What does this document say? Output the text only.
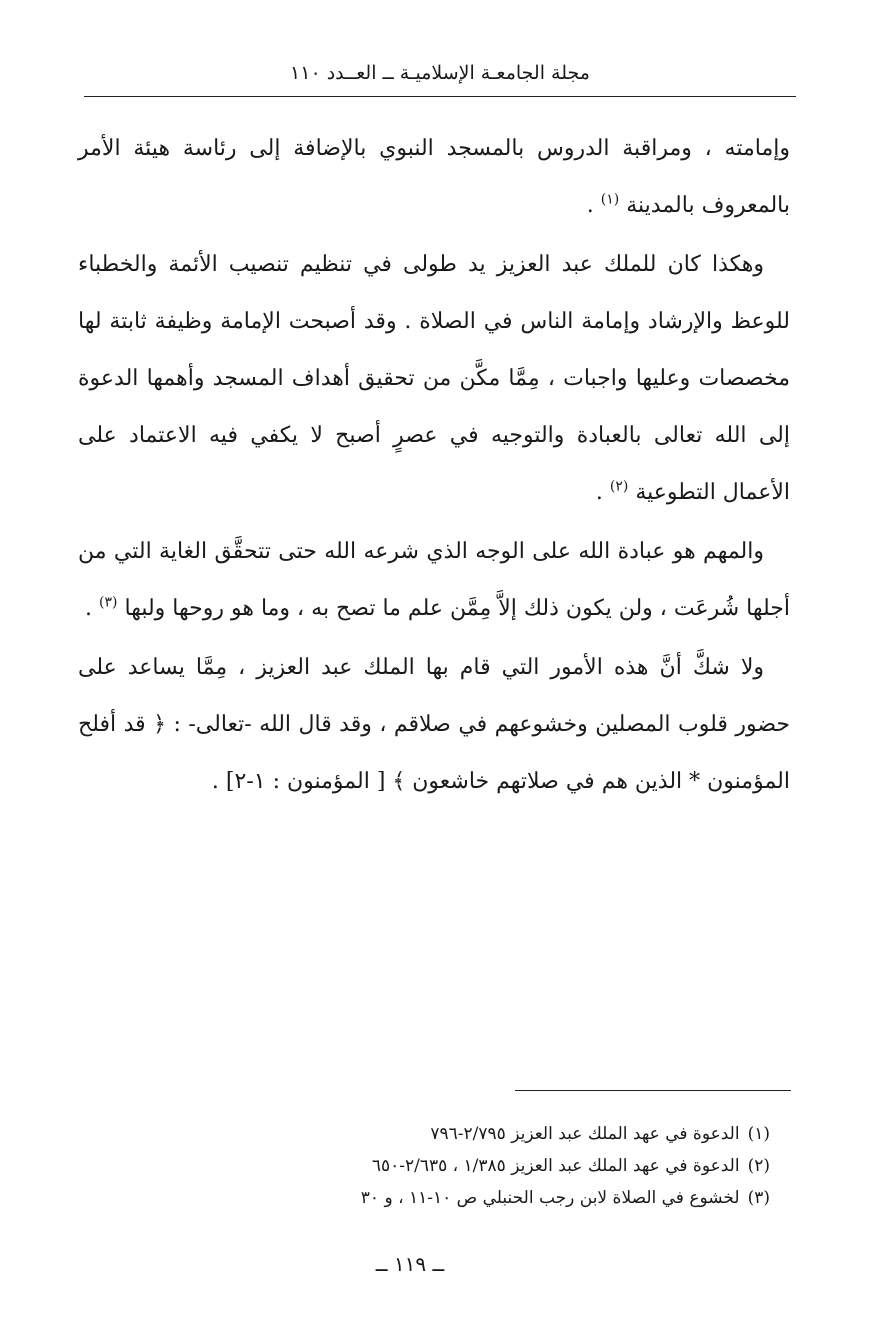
مجلة الجامعـة الإسلاميـة ــ العــدد ١١٠

وإمامته ، ومراقبة الدروس بالمسجد النبوي بالإضافة إلى رئاسة هيئة الأمر بالمعروف بالمدينة $^{(١)}$ .

وهكذا كان للملك عبد العزيز يد طولى في تنظيم تنصيب الأئمة والخطباء للوعظ والإرشاد وإمامة الناس في الصلاة . وقد أصبحت الإمامة وظيفة ثابتة لها مخصصات وعليها واجبات ، مِمَّا مكَّن من تحقيق أهداف المسجد وأهمها الدعوة إلى الله تعالى بالعبادة والتوجيه في عصرٍ أصبح لا يكفي فيه الاعتماد على الأعمال التطوعية $^{(٢)}$ .

والمهم هو عبادة الله على الوجه الذي شرعه الله حتى تتحقَّق الغاية التي من أجلها شُرعَت ، ولن يكون ذلك إلاَّ مِمَّن علم ما تصح به ، وما هو روحها ولبها $^{(٣)}$ .

ولا شكَّ أنَّ هذه الأمور التي قام بها الملك عبد العزيز ، مِمَّا يساعد على حضور قلوب المصلين وخشوعهم في صلاقم ، وقد قال الله -تعالى- : ﴿ قد أفلح المؤمنون * الذين هم في صلاتهم خاشعون ﴾ [ المؤمنون : ١-٢] .

(١)الدعوة في عهد الملك عبد العزيز ٢/٧٩٥-٧٩٦
(٢)الدعوة في عهد الملك عبد العزيز ١/٣٨٥ ، ٢/٦٣٥-٦٥٠
(٣)لخشوع في الصلاة لابن رجب الحنبلي ص ١٠-١١ ، و ٣٠
ــ ١١٩ ــ
